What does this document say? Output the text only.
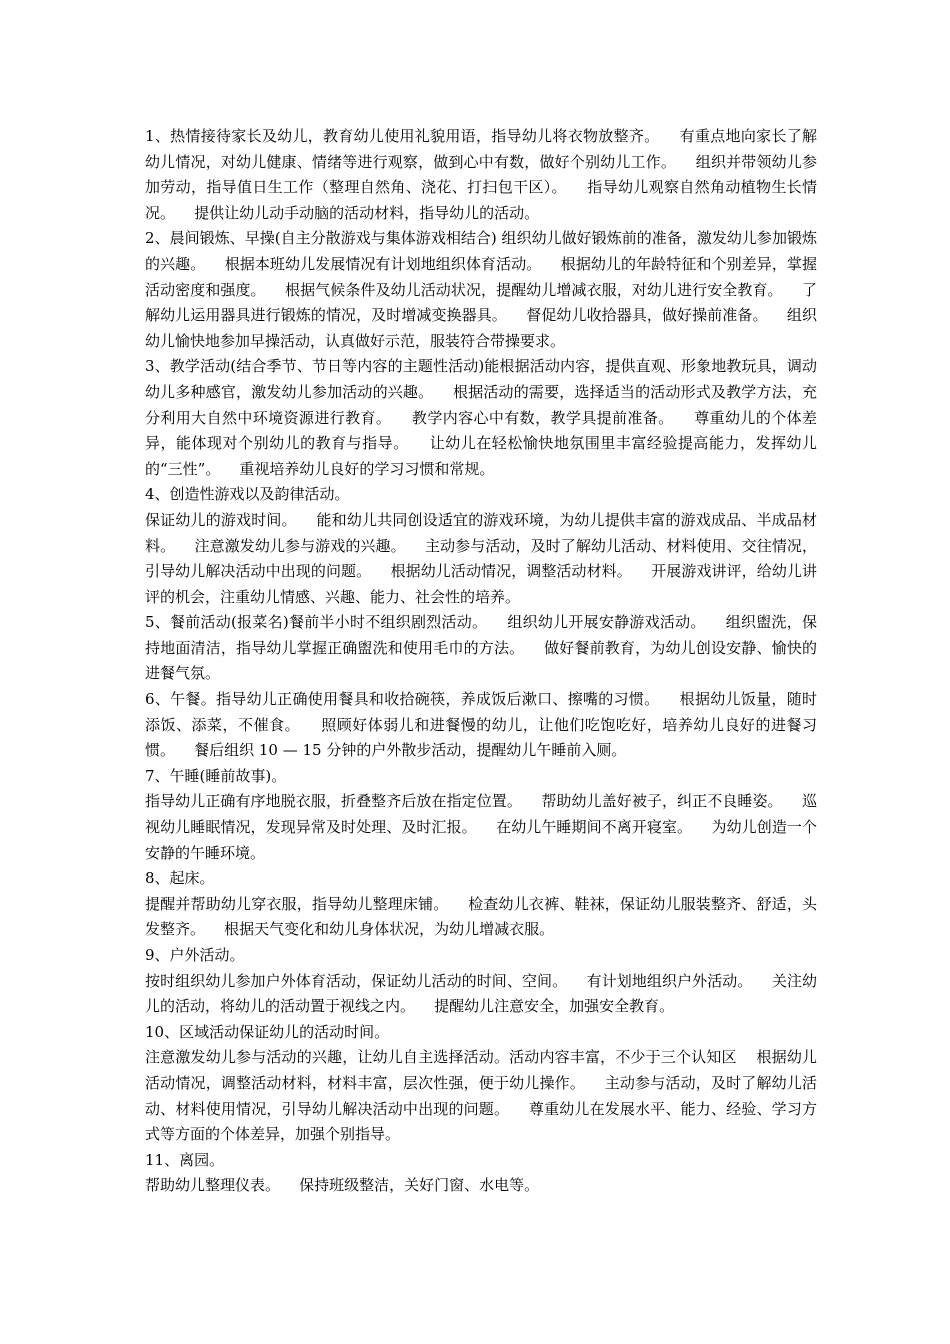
1、热情接待家长及幼儿，教育幼儿使用礼貌用语，指导幼儿将衣物放整齐。    有重点地向家长了解幼儿情况，对幼儿健康、情绪等进行观察，做到心中有数，做好个别幼儿工作。    组织并带领幼儿参加劳动，指导值日生工作（整理自然角、浇花、打扫包干区）。    指导幼儿观察自然角动植物生长情况。    提供让幼儿动手动脑的活动材料，指导幼儿的活动。

2、晨间锻炼、早操(自主分散游戏与集体游戏相结合) 组织幼儿做好锻炼前的准备，激发幼儿参加锻炼的兴趣。    根据本班幼儿发展情况有计划地组织体育活动。    根据幼儿的年龄特征和个别差异，掌握活动密度和强度。    根据气候条件及幼儿活动状况，提醒幼儿增减衣服，对幼儿进行安全教育。    了解幼儿运用器具进行锻炼的情况，及时增减变换器具。    督促幼儿收拾器具，做好操前准备。    组织幼儿愉快地参加早操活动，认真做好示范，服装符合带操要求。

3、教学活动(结合季节、节日等内容的主题性活动)能根据活动内容，提供直观、形象地教玩具，调动幼儿多种感官，激发幼儿参加活动的兴趣。    根据活动的需要，选择适当的活动形式及教学方法，充分利用大自然中环境资源进行教育。    教学内容心中有数，教学具提前准备。    尊重幼儿的个体差异，能体现对个别幼儿的教育与指导。    让幼儿在轻松愉快地氛围里丰富经验提高能力，发挥幼儿的“三性”。    重视培养幼儿良好的学习习惯和常规。

4、创造性游戏以及韵律活动。

保证幼儿的游戏时间。    能和幼儿共同创设适宜的游戏环境，为幼儿提供丰富的游戏成品、半成品材料。    注意激发幼儿参与游戏的兴趣。    主动参与活动，及时了解幼儿活动、材料使用、交往情况，引导幼儿解决活动中出现的问题。    根据幼儿活动情况，调整活动材料。    开展游戏讲评，给幼儿讲评的机会，注重幼儿情感、兴趣、能力、社会性的培养。

5、餐前活动(报菜名)餐前半小时不组织剧烈活动。    组织幼儿开展安静游戏活动。    组织盥洗，保持地面清洁，指导幼儿掌握正确盥洗和使用毛巾的方法。    做好餐前教育，为幼儿创设安静、愉快的进餐气氛。

6、午餐。指导幼儿正确使用餐具和收拾碗筷，养成饭后漱口、擦嘴的习惯。    根据幼儿饭量，随时添饭、添菜，不催食。    照顾好体弱儿和进餐慢的幼儿，让他们吃饱吃好，培养幼儿良好的进餐习惯。    餐后组织 10 — 15 分钟的户外散步活动，提醒幼儿午睡前入厕。

7、午睡(睡前故事)。

指导幼儿正确有序地脱衣服，折叠整齐后放在指定位置。    帮助幼儿盖好被子，纠正不良睡姿。    巡视幼儿睡眠情况，发现异常及时处理、及时汇报。    在幼儿午睡期间不离开寝室。    为幼儿创造一个安静的午睡环境。

8、起床。

提醒并帮助幼儿穿衣服，指导幼儿整理床铺。    检查幼儿衣裤、鞋袜，保证幼儿服装整齐、舒适，头发整齐。    根据天气变化和幼儿身体状况，为幼儿增减衣服。

9、户外活动。

按时组织幼儿参加户外体育活动，保证幼儿活动的时间、空间。    有计划地组织户外活动。    关注幼儿的活动，将幼儿的活动置于视线之内。    提醒幼儿注意安全，加强安全教育。

10、区域活动保证幼儿的活动时间。

注意激发幼儿参与活动的兴趣，让幼儿自主选择活动。活动内容丰富，不少于三个认知区    根据幼儿活动情况，调整活动材料，材料丰富，层次性强，便于幼儿操作。    主动参与活动，及时了解幼儿活动、材料使用情况，引导幼儿解决活动中出现的问题。    尊重幼儿在发展水平、能力、经验、学习方式等方面的个体差异，加强个别指导。

11、离园。

帮助幼儿整理仪表。    保持班级整洁，关好门窗、水电等。
